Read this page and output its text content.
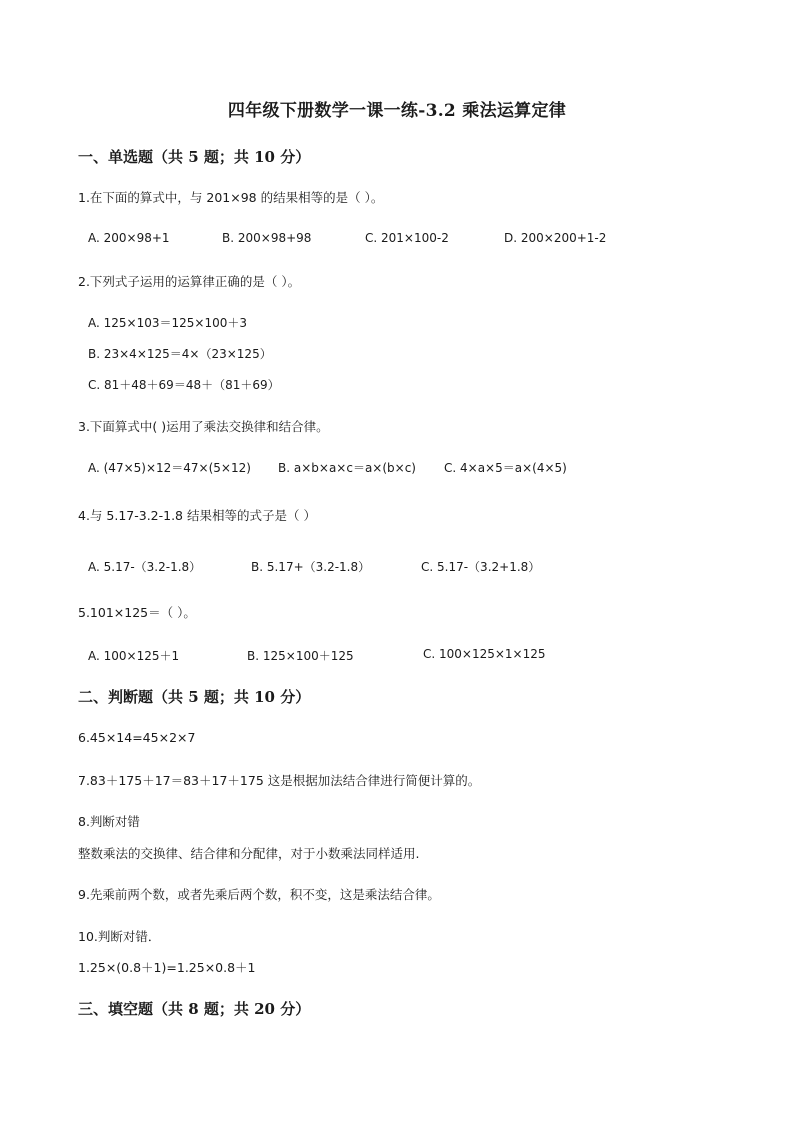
四年级下册数学一课一练-3.2 乘法运算定律
一、单选题（共 5 题；共 10 分）
1.在下面的算式中，与 201×98 的结果相等的是（ ）。
A. 200×98+1	B. 200×98+98	C. 201×100-2	D. 200×200+1-2
2.下列式子运用的运算律正确的是（ ）。
A. 125×103＝125×100＋3
B. 23×4×125＝4×（23×125）
C. 81＋48＋69＝48＋（81＋69）
3.下面算式中( )运用了乘法交换律和结合律。
A. (47×5)×12＝47×(5×12) B. a×b×a×c＝a×(b×c) C. 4×a×5＝a×(4×5)
4.与 5.17-3.2-1.8 结果相等的式子是（ ）
A. 5.17-（3.2-1.8）	B. 5.17+（3.2-1.8）	C. 5.17-（3.2+1.8）
5.101×125＝（ ）。
A. 100×125＋1	B. 125×100＋125	C. 100×125×1×125
二、判断题（共 5 题；共 10 分）
6.45×14=45×2×7
7.83＋175＋17＝83＋17＋175 这是根据加法结合律进行简便计算的。
8.判断对错
整数乘法的交换律、结合律和分配律，对于小数乘法同样适用.
9.先乘前两个数，或者先乘后两个数，积不变，这是乘法结合律。
10.判断对错．
1.25×(0.8＋1)=1.25×0.8＋1
三、填空题（共 8 题；共 20 分）
